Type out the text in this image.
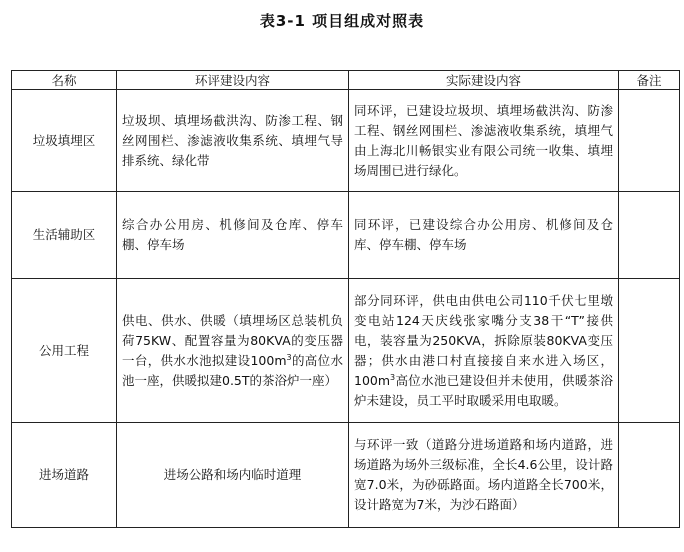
表3-1 项目组成对照表
名称	环评建设内容	实际建设内容	备注
垃圾填埋区	垃圾坝、填埋场截洪沟、防渗工程、钢丝网围栏、渗滤液收集系统、填埋气导排系统、绿化带	同环评，已建设垃圾坝、填埋场截洪沟、防渗工程、钢丝网围栏、渗滤液收集系统，填埋气由上海北川畅银实业有限公司统一收集、填埋场周围已进行绿化。	
生活辅助区	综合办公用房、机修间及仓库、停车棚、停车场	同环评，已建设综合办公用房、机修间及仓库、停车棚、停车场	
公用工程	供电、供水、供暖（填埋场区总装机负荷75KW、配置容量为80KVA的变压器一台，供水水池拟建设$100m^3$的高位水池一座，供暖拟建0.5T的茶浴炉一座）	部分同环评，供电由供电公司110千伏七里墩变电站124天庆线张家嘴分支38干“T”接供电，装容量为250KVA，拆除原装80KVA变压器；供水由港口村直接接自来水进入场区，$100m^3$高位水池已建设但并未使用，供暖茶浴炉未建设，员工平时取暖采用电取暖。	
进场道路	进场公路和场内临时道理	与环评一致（道路分进场道路和场内道路，进场道路为场外三级标准，全长4.6公里，设计路宽7.0米，为砂砾路面。场内道路全长700米，设计路宽为7米，为沙石路面）	
